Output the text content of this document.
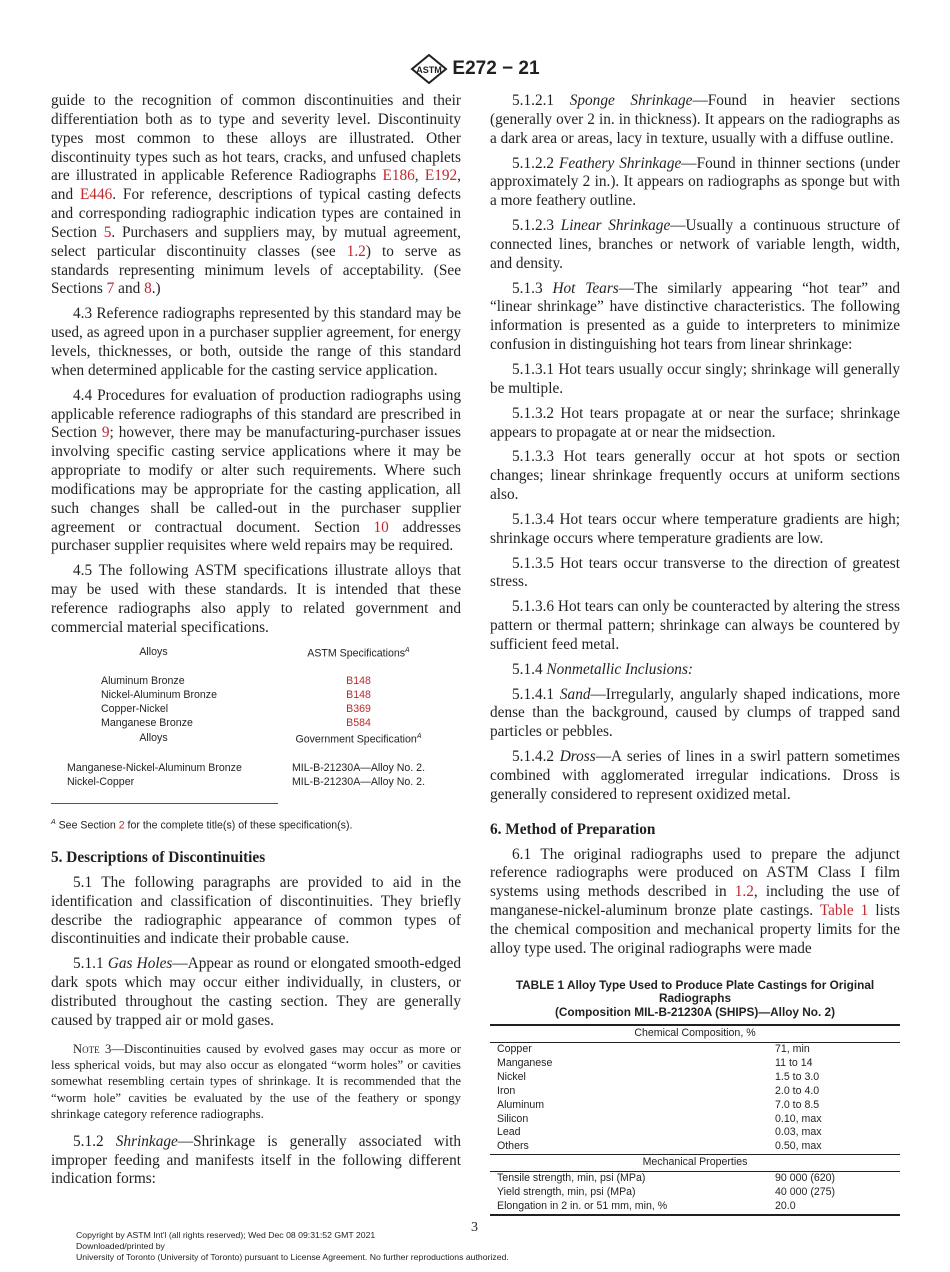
ASTM E272 − 21

guide to the recognition of common discontinuities and their differentiation both as to type and severity level. Discontinuity types most common to these alloys are illustrated. Other discontinuity types such as hot tears, cracks, and unfused chaplets are illustrated in applicable Reference Radiographs E186, E192, and E446. For reference, descriptions of typical casting defects and corresponding radiographic indication types are contained in Section 5. Purchasers and suppliers may, by mutual agreement, select particular discontinuity classes (see 1.2) to serve as standards representing minimum levels of acceptability. (See Sections 7 and 8.)

4.3 Reference radiographs represented by this standard may be used, as agreed upon in a purchaser supplier agreement, for energy levels, thicknesses, or both, outside the range of this standard when determined applicable for the casting service application.

4.4 Procedures for evaluation of production radiographs using applicable reference radiographs of this standard are prescribed in Section 9; however, there may be manufacturing-purchaser issues involving specific casting service applications where it may be appropriate to modify or alter such requirements. Where such modifications may be appropriate for the casting application, all such changes shall be called-out in the purchaser supplier agreement or contractual document. Section 10 addresses purchaser supplier requisites where weld repairs may be required.

4.5 The following ASTM specifications illustrate alloys that may be used with these standards. It is intended that these reference radiographs also apply to related government and commercial material specifications.

Alloys	ASTM Specifications$^A$

Aluminum Bronze	B148
Nickel-Aluminum Bronze	B148
Copper-Nickel	B369
Manganese Bronze	B584
Alloys	Government Specification$^A$

Manganese-Nickel-Aluminum Bronze	MIL-B-21230A—Alloy No. 2.
Nickel-Copper	MIL-B-21230A—Alloy No. 2.
$^A$ See Section 2 for the complete title(s) of these specification(s).
5. Descriptions of Discontinuities

5.1 The following paragraphs are provided to aid in the identification and classification of discontinuities. They briefly describe the radiographic appearance of common types of discontinuities and indicate their probable cause.

5.1.1 Gas Holes—Appear as round or elongated smooth-edged dark spots which may occur either individually, in clusters, or distributed throughout the casting section. They are generally caused by trapped air or mold gases.

Note 3—Discontinuities caused by evolved gases may occur as more or less spherical voids, but may also occur as elongated “worm holes” or cavities somewhat resembling certain types of shrinkage. It is recommended that the “worm hole” cavities be evaluated by the use of the feathery or spongy shrinkage category reference radiographs.

5.1.2 Shrinkage—Shrinkage is generally associated with improper feeding and manifests itself in the following different indication forms:

5.1.2.1 Sponge Shrinkage—Found in heavier sections (generally over 2 in. in thickness). It appears on the radiographs as a dark area or areas, lacy in texture, usually with a diffuse outline.

5.1.2.2 Feathery Shrinkage—Found in thinner sections (under approximately 2 in.). It appears on radiographs as sponge but with a more feathery outline.

5.1.2.3 Linear Shrinkage—Usually a continuous structure of connected lines, branches or network of variable length, width, and density.

5.1.3 Hot Tears—The similarly appearing “hot tear” and “linear shrinkage” have distinctive characteristics. The following information is presented as a guide to interpreters to minimize confusion in distinguishing hot tears from linear shrinkage:

5.1.3.1 Hot tears usually occur singly; shrinkage will generally be multiple.

5.1.3.2 Hot tears propagate at or near the surface; shrinkage appears to propagate at or near the midsection.

5.1.3.3 Hot tears generally occur at hot spots or section changes; linear shrinkage frequently occurs at uniform sections also.

5.1.3.4 Hot tears occur where temperature gradients are high; shrinkage occurs where temperature gradients are low.

5.1.3.5 Hot tears occur transverse to the direction of greatest stress.

5.1.3.6 Hot tears can only be counteracted by altering the stress pattern or thermal pattern; shrinkage can always be countered by sufficient feed metal.

5.1.4 Nonmetallic Inclusions:

5.1.4.1 Sand—Irregularly, angularly shaped indications, more dense than the background, caused by clumps of trapped sand particles or pebbles.

5.1.4.2 Dross—A series of lines in a swirl pattern sometimes combined with agglomerated irregular indications. Dross is generally considered to represent oxidized metal.

6. Method of Preparation

6.1 The original radiographs used to prepare the adjunct reference radiographs were produced on ASTM Class I film systems using methods described in 1.2, including the use of manganese-nickel-aluminum bronze plate castings. Table 1 lists the chemical composition and mechanical property limits for the alloy type used. The original radiographs were made

TABLE 1 Alloy Type Used to Produce Plate Castings for Original Radiographs
(Composition MIL-B-21230A (SHIPS)—Alloy No. 2)
Chemical Composition, %	
Copper	71, min
Manganese	11 to 14
Nickel	1.5 to 3.0
Iron	2.0 to 4.0
Aluminum	7.0 to 8.5
Silicon	0.10, max
Lead	0.03, max
Others	0.50, max
Mechanical Properties	
Tensile strength, min, psi (MPa)	90 000 (620)
Yield strength, min, psi (MPa)	40 000 (275)
Elongation in 2 in. or 51 mm, min, %	20.0
3
Copyright by ASTM Int'l (all rights reserved); Wed Dec 08 09:31:52 GMT 2021
Downloaded/printed by
University of Toronto (University of Toronto) pursuant to License Agreement. No further reproductions authorized.
